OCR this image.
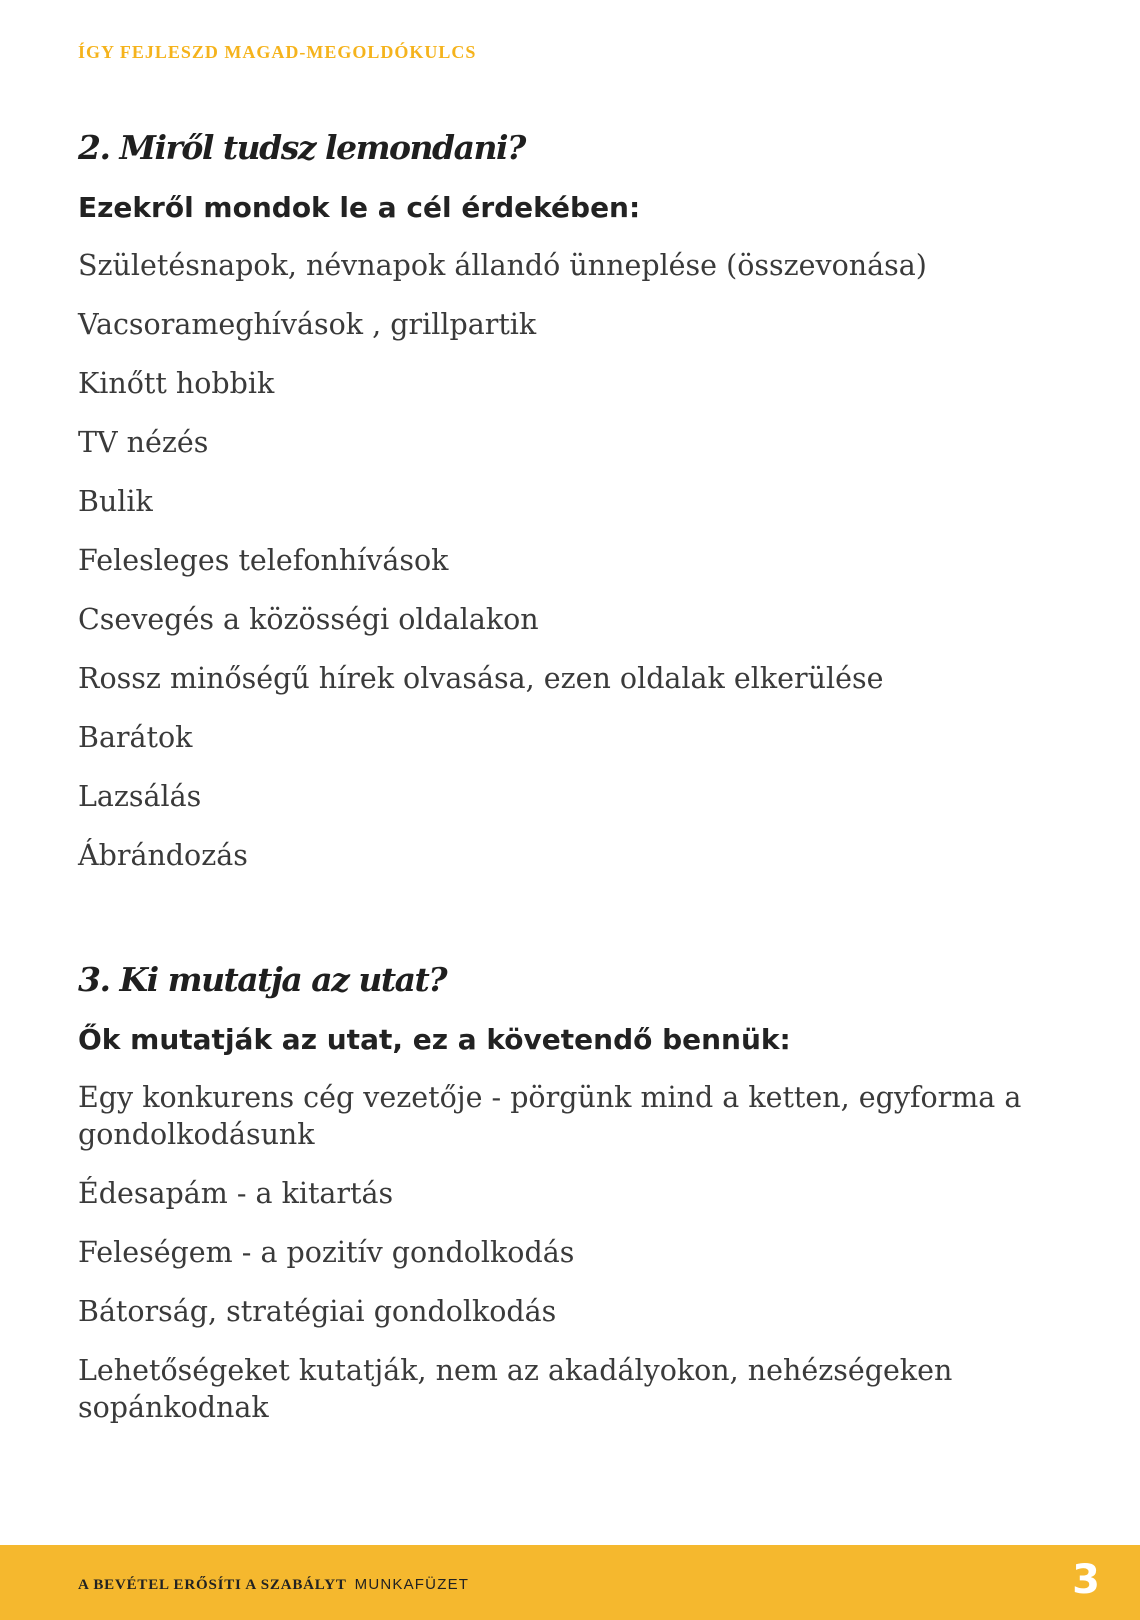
ÍGY FEJLESZD MAGAD-MEGOLDÓKULCS
2. Miről tudsz lemondani?
Ezekről mondok le a cél érdekében:
Születésnapok, névnapok állandó ünneplése (összevonása)
Vacsorameghívások , grillpartik
Kinőtt hobbik
TV nézés
Bulik
Felesleges telefonhívások
Csevegés a közösségi oldalakon
Rossz minőségű hírek olvasása, ezen oldalak elkerülése
Barátok
Lazsálás
Ábrándozás
3. Ki mutatja az utat?
Ők mutatják az utat, ez a követendő bennük:
Egy konkurens cég vezetője - pörgünk mind a ketten, egyforma a gondolkodásunk
Édesapám - a kitartás
Feleségem - a pozitív gondolkodás
Bátorság, stratégiai gondolkodás
Lehetőségeket kutatják, nem az akadályokon, nehézségeken sopánkodnak
A BEVÉTEL ERŐSÍTI A SZABÁLYT MUNKAFÜZET	3
